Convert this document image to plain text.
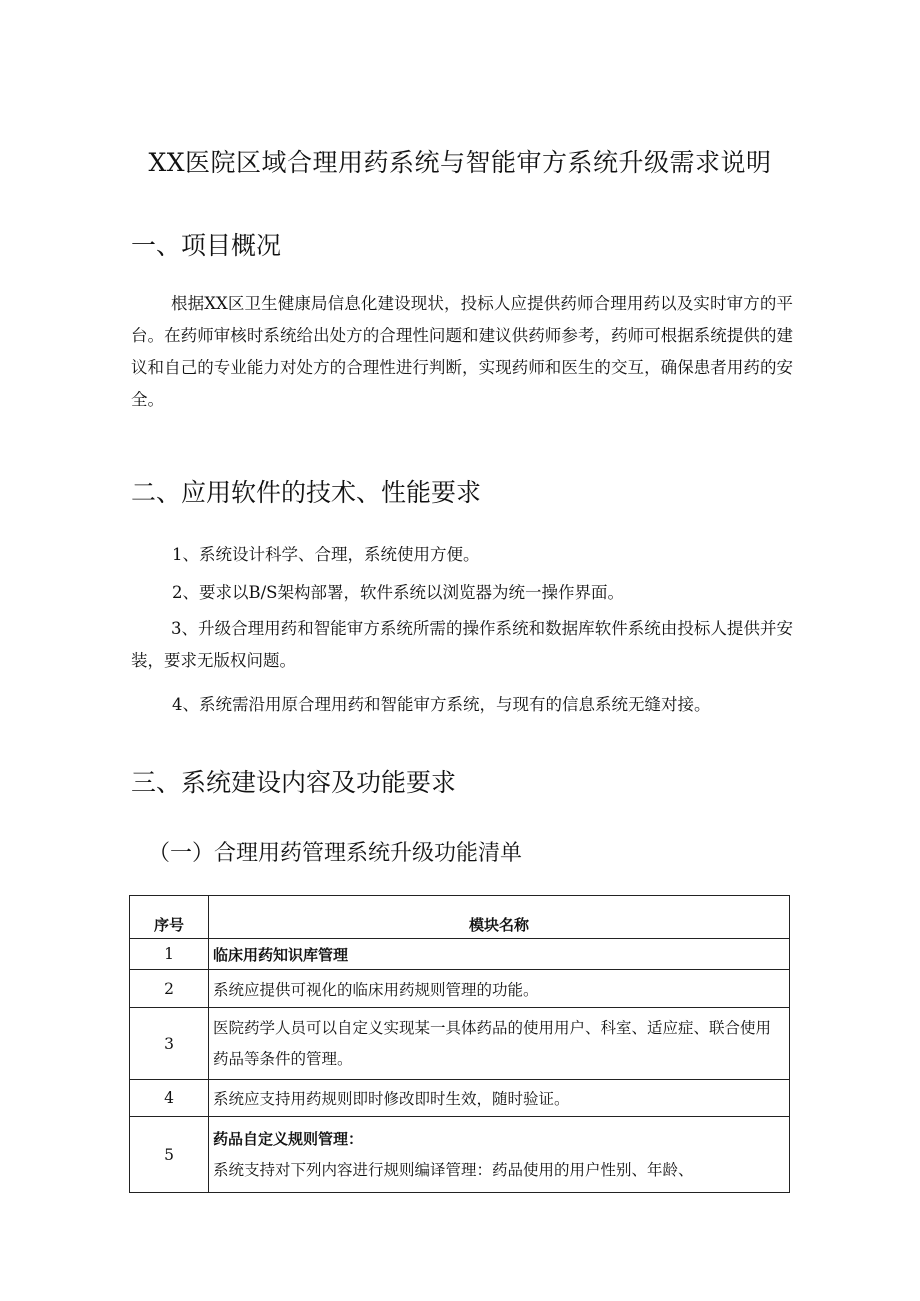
XX医院区域合理用药系统与智能审方系统升级需求说明
一、项目概况
根据XX区卫生健康局信息化建设现状，投标人应提供药师合理用药以及实时审方的平台。在药师审核时系统给出处方的合理性问题和建议供药师参考，药师可根据系统提供的建议和自己的专业能力对处方的合理性进行判断，实现药师和医生的交互，确保患者用药的安全。
二、应用软件的技术、性能要求
1、系统设计科学、合理，系统使用方便。
2、要求以B/S架构部署，软件系统以浏览器为统一操作界面。
3、升级合理用药和智能审方系统所需的操作系统和数据库软件系统由投标人提供并安装，要求无版权问题。
4、系统需沿用原合理用药和智能审方系统，与现有的信息系统无缝对接。
三、系统建设内容及功能要求
（一）合理用药管理系统升级功能清单
序号	模块名称
1	临床用药知识库管理
2	系统应提供可视化的临床用药规则管理的功能。
3	医院药学人员可以自定义实现某一具体药品的使用用户、科室、适应症、联合使用药品等条件的管理。
4	系统应支持用药规则即时修改即时生效，随时验证。
5	药品自定义规则管理：
系统支持对下列内容进行规则编译管理：药品使用的用户性别、年龄、
